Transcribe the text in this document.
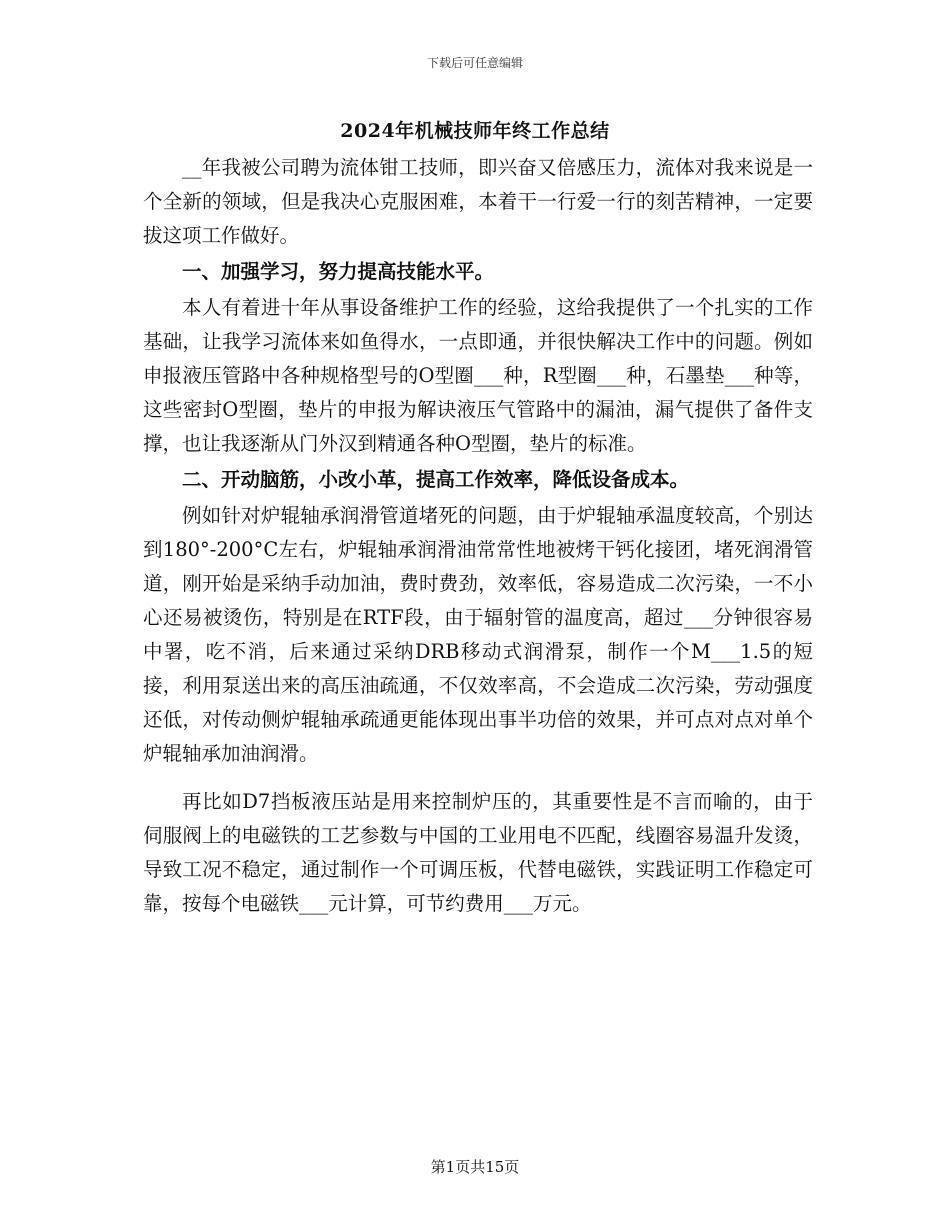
下载后可任意编辑
2024年机械技师年终工作总结

__年我被公司聘为流体钳工技师，即兴奋又倍感压力，流体对我来说是一个全新的领域，但是我决心克服困难，本着干一行爱一行的刻苦精神，一定要拔这项工作做好。

一、加强学习，努力提高技能水平。

本人有着进十年从事设备维护工作的经验，这给我提供了一个扎实的工作基础，让我学习流体来如鱼得水，一点即通，并很快解决工作中的问题。例如申报液压管路中各种规格型号的O型圈___种，R型圈___种，石墨垫___种等，这些密封O型圈，垫片的申报为解诀液压气管路中的漏油，漏气提供了备件支撑，也让我逐渐从门外汉到精通各种O型圈，垫片的标准。

二、开动脑筋，小改小革，提高工作效率，降低设备成本。

例如针对炉辊轴承润滑管道堵死的问题，由于炉辊轴承温度较高，个别达到180°-200°C左右，炉辊轴承润滑油常常性地被烤干钙化接团，堵死润滑管道，刚开始是采纳手动加油，费时费劲，效率低，容易造成二次污染，一不小心还易被烫伤，特别是在RTF段，由于辐射管的温度高，超过___分钟很容易中署，吃不消，后来通过采纳DRB移动式润滑泵，制作一个M___1.5的短接，利用泵送出来的高压油疏通，不仅效率高，不会造成二次污染，劳动强度还低，对传动侧炉辊轴承疏通更能体现出事半功倍的效果，并可点对点对单个炉辊轴承加油润滑。

再比如D7挡板液压站是用来控制炉压的，其重要性是不言而喻的，由于伺服阀上的电磁铁的工艺参数与中国的工业用电不匹配，线圈容易温升发烫，导致工况不稳定，通过制作一个可调压板，代替电磁铁，实践证明工作稳定可靠，按每个电磁铁___元计算，可节约费用___万元。

第1页共15页
